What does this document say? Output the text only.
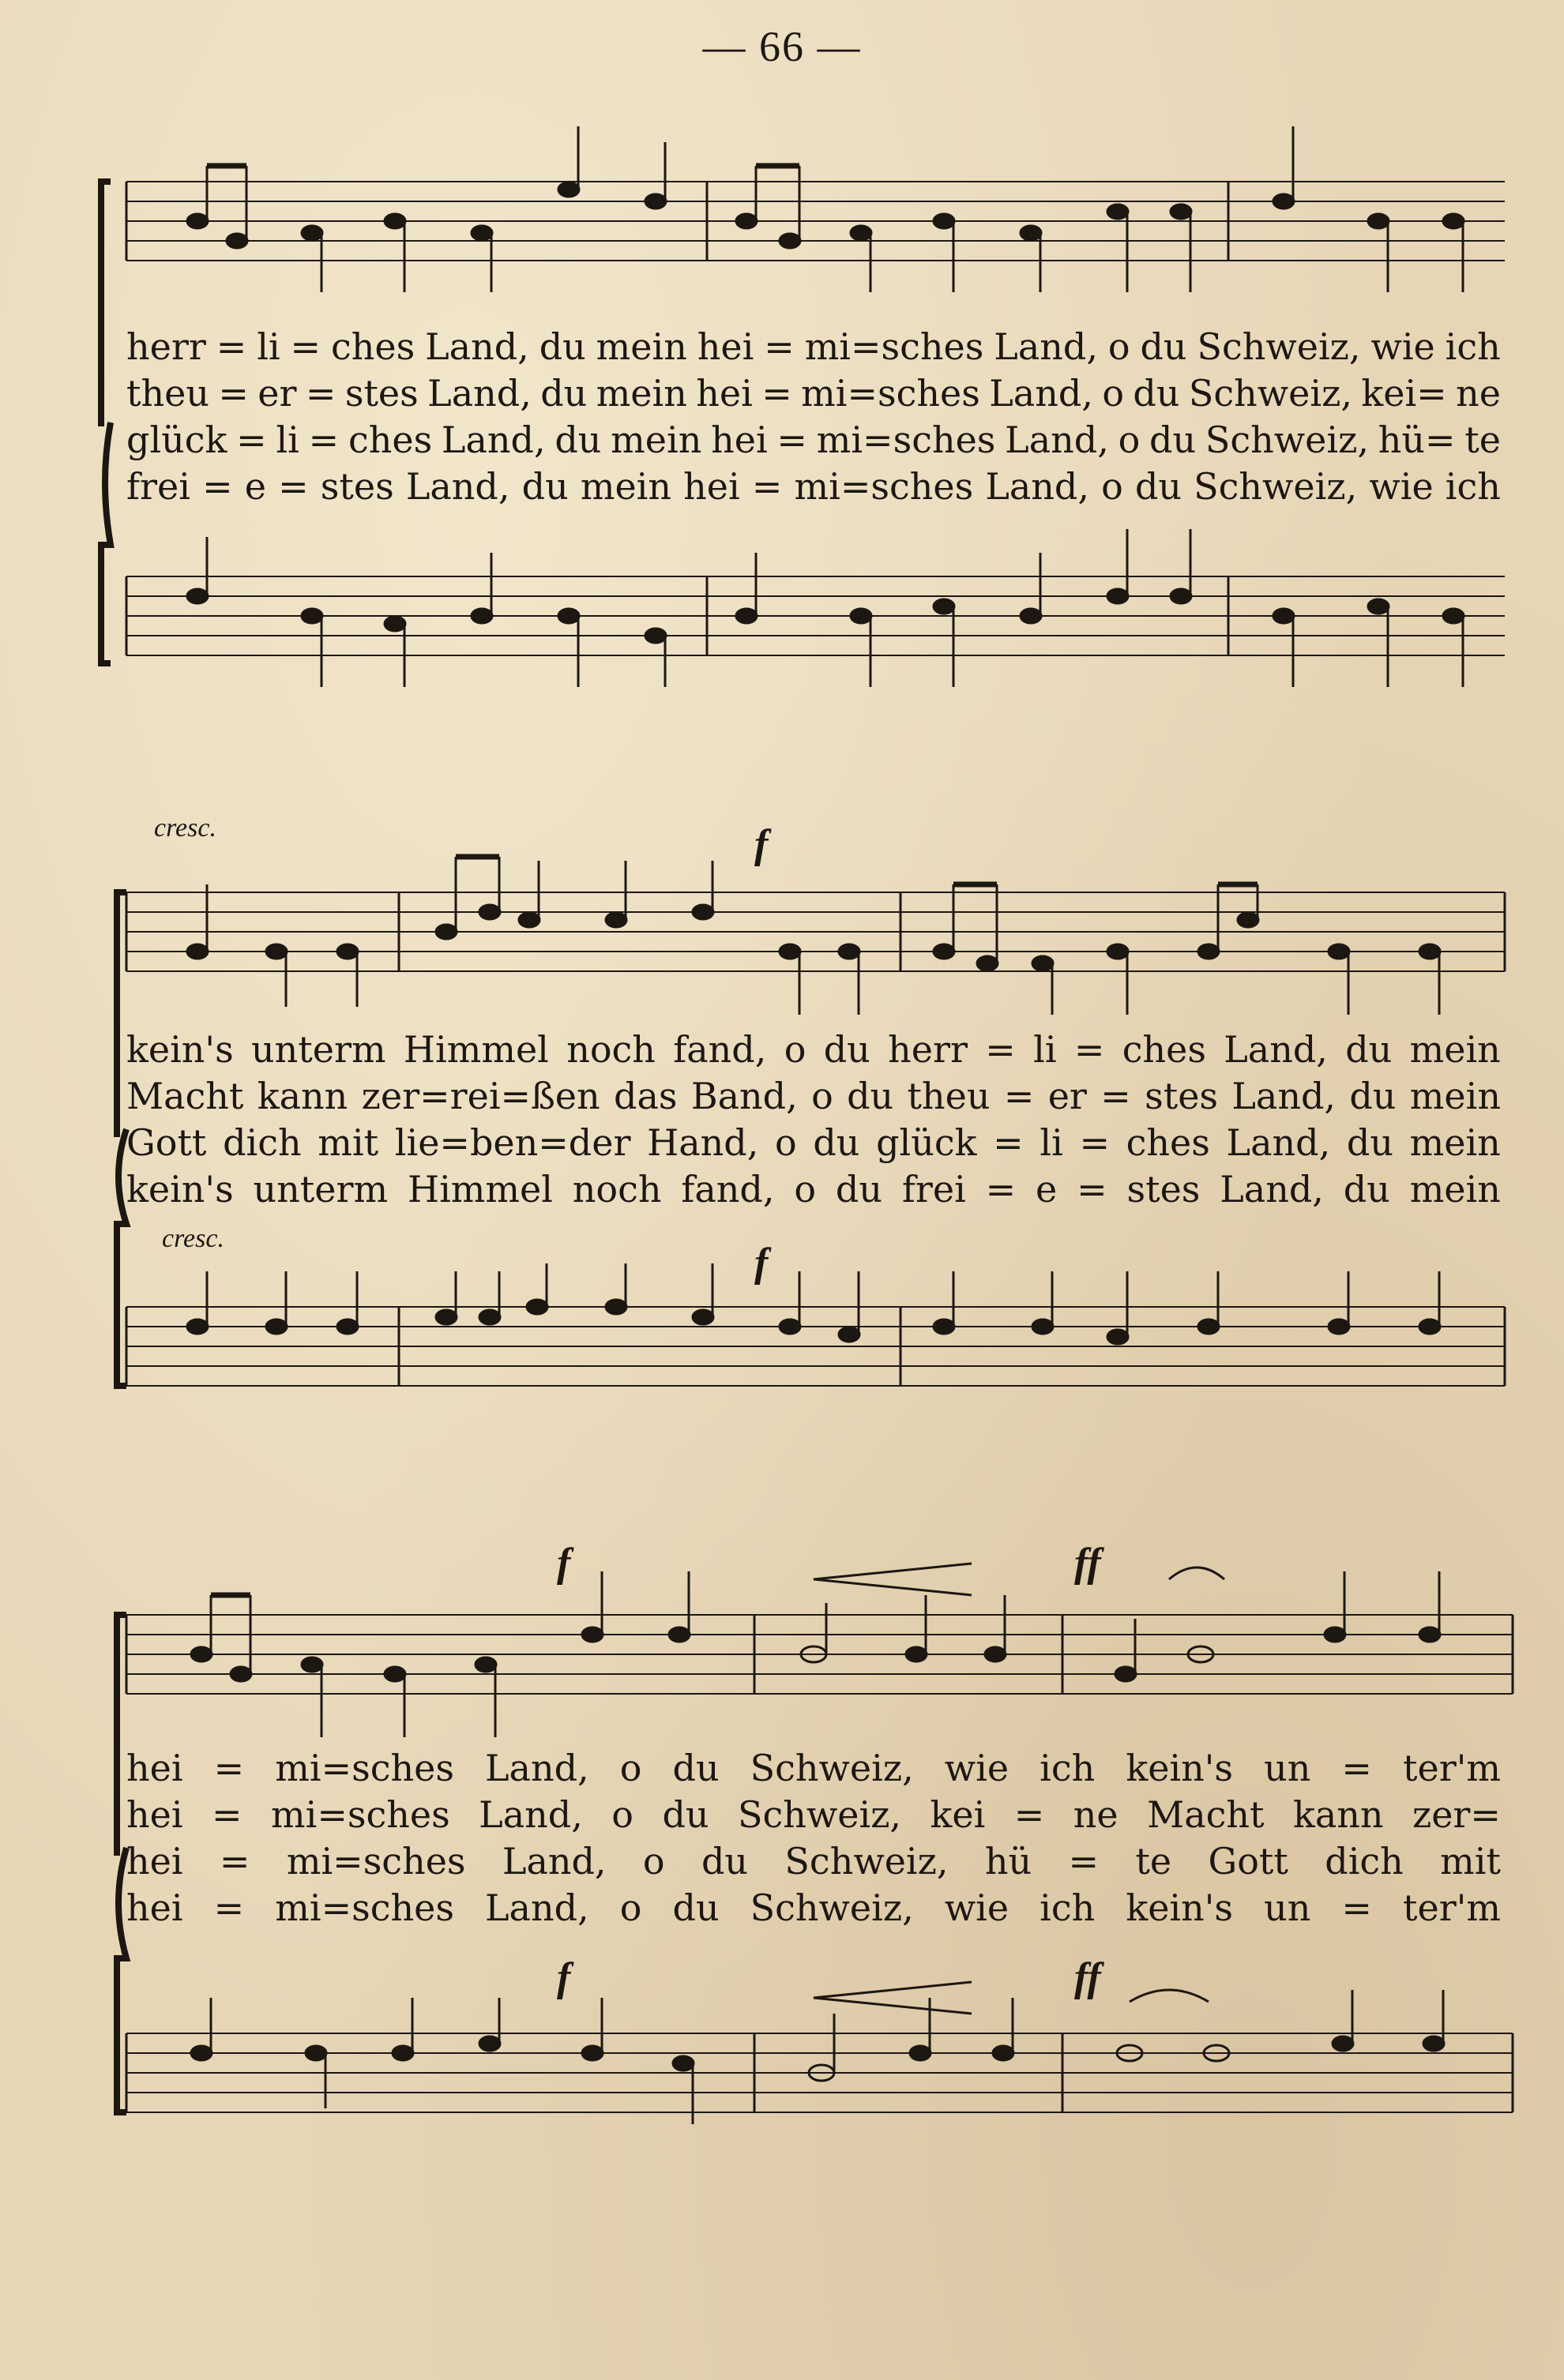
— 66 —
herr = li = ches Land, du mein hei = mi=sches Land, o du Schweiz, wie ich
theu = er = stes Land, du mein hei = mi=sches Land, o du Schweiz, kei= ne
glück = li = ches Land, du mein hei = mi=sches Land, o du Schweiz, hü= te
frei = e = stes Land, du mein hei = mi=sches Land, o du Schweiz, wie ich
cresc.	f
cresc.
f
kein's unterm Himmel noch fand, o du herr = li = ches Land, du mein
Macht kann zer=rei=ßen das Band, o du theu = er = stes Land, du mein
Gott dich mit lie=ben=der Hand, o du glück = li = ches Land, du mein
kein's unterm Himmel noch fand, o du frei = e = stes Land, du mein
f	ff
f	ff
hei = mi=sches Land, o du Schweiz, wie ich kein's un = ter'm
hei = mi=sches Land, o du Schweiz, kei = ne Macht kann zer=
hei = mi=sches Land, o du Schweiz, hü = te Gott dich mit
hei = mi=sches Land, o du Schweiz, wie ich kein's un = ter'm
